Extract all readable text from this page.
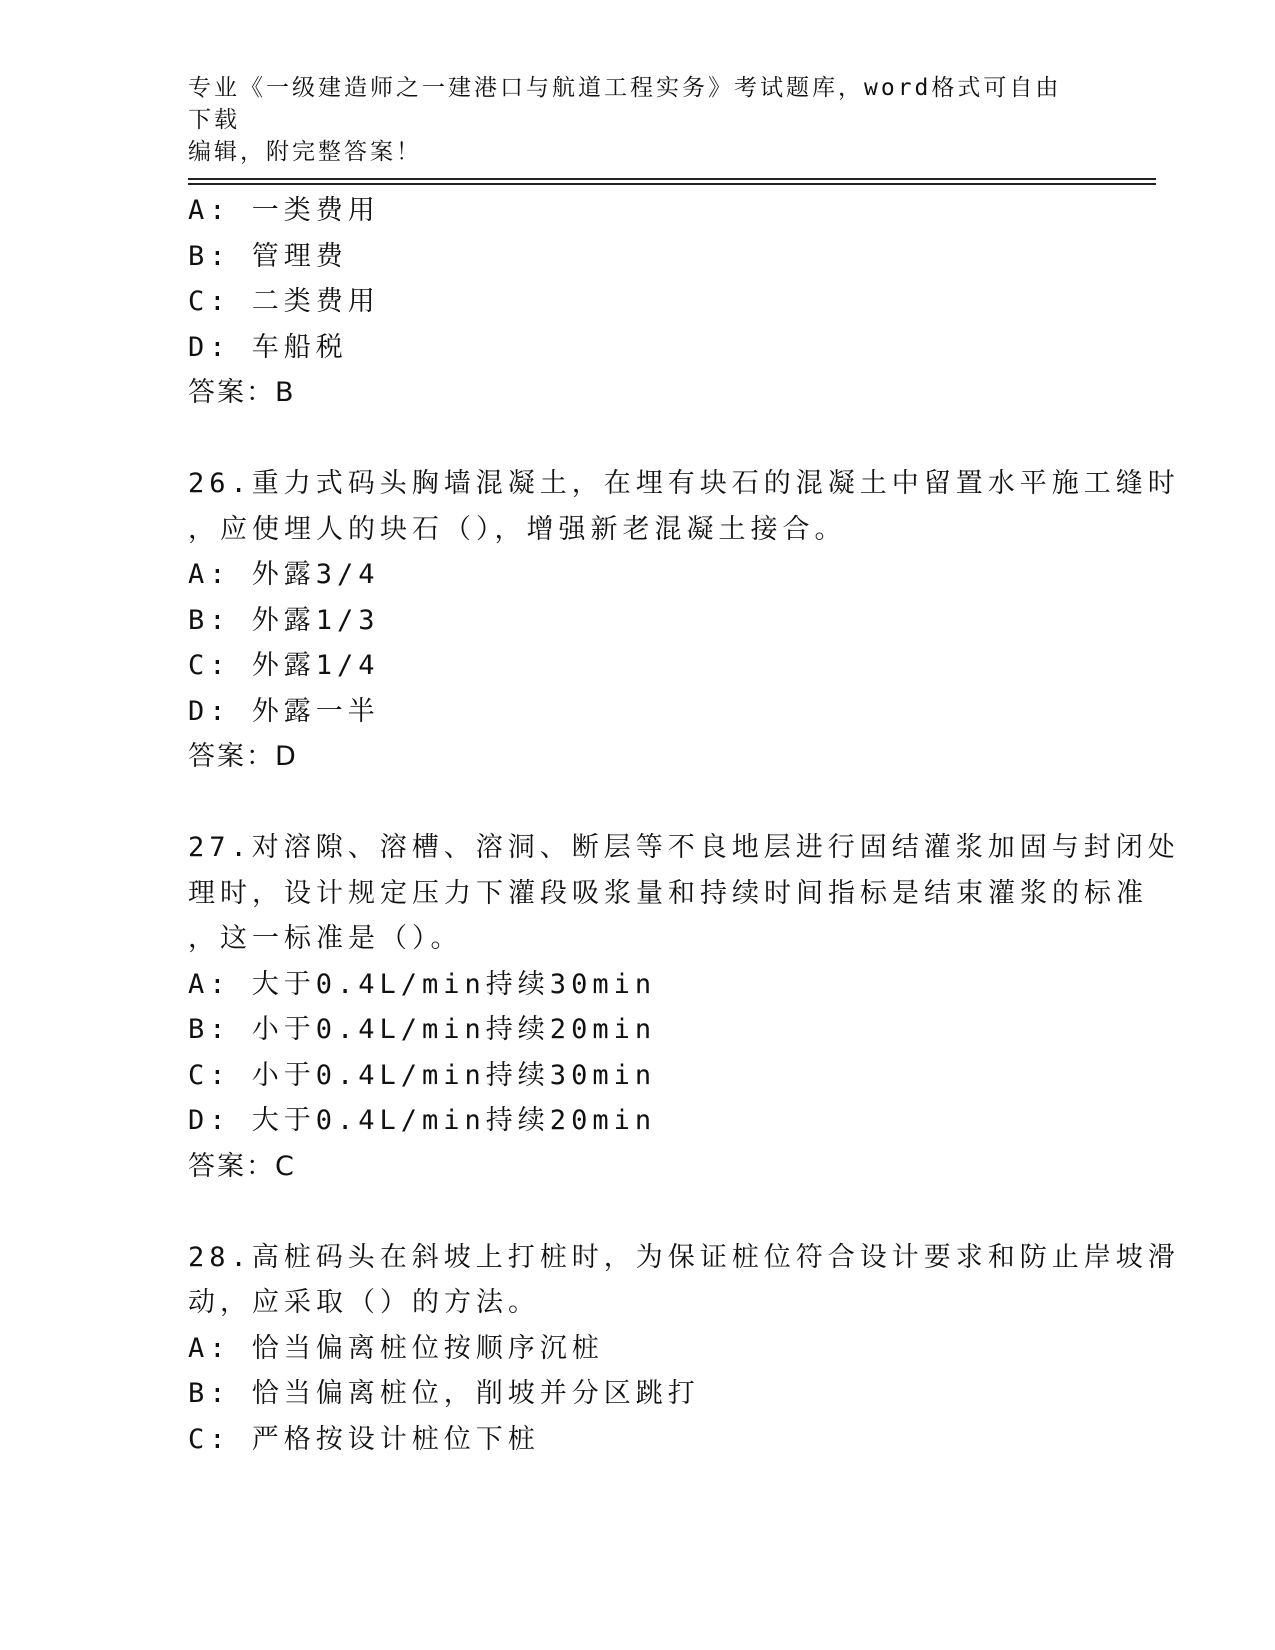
专业《一级建造师之一建港口与航道工程实务》考试题库，word格式可自由下载
编辑，附完整答案！
A: 一类费用
B: 管理费
C: 二类费用
D: 车船税
答案：B
26.重力式码头胸墙混凝土，在埋有块石的混凝土中留置水平施工缝时
，应使埋人的块石（），增强新老混凝土接合。
A: 外露3/4
B: 外露1/3
C: 外露1/4
D: 外露一半
答案：D
27.对溶隙、溶槽、溶洞、断层等不良地层进行固结灌浆加固与封闭处
理时，设计规定压力下灌段吸浆量和持续时间指标是结束灌浆的标准
，这一标准是（）。
A: 大于0.4L/min持续30min
B: 小于0.4L/min持续20min
C: 小于0.4L/min持续30min
D: 大于0.4L/min持续20min
答案：C
28.高桩码头在斜坡上打桩时，为保证桩位符合设计要求和防止岸坡滑
动，应采取（）的方法。
A: 恰当偏离桩位按顺序沉桩
B: 恰当偏离桩位，削坡并分区跳打
C: 严格按设计桩位下桩
